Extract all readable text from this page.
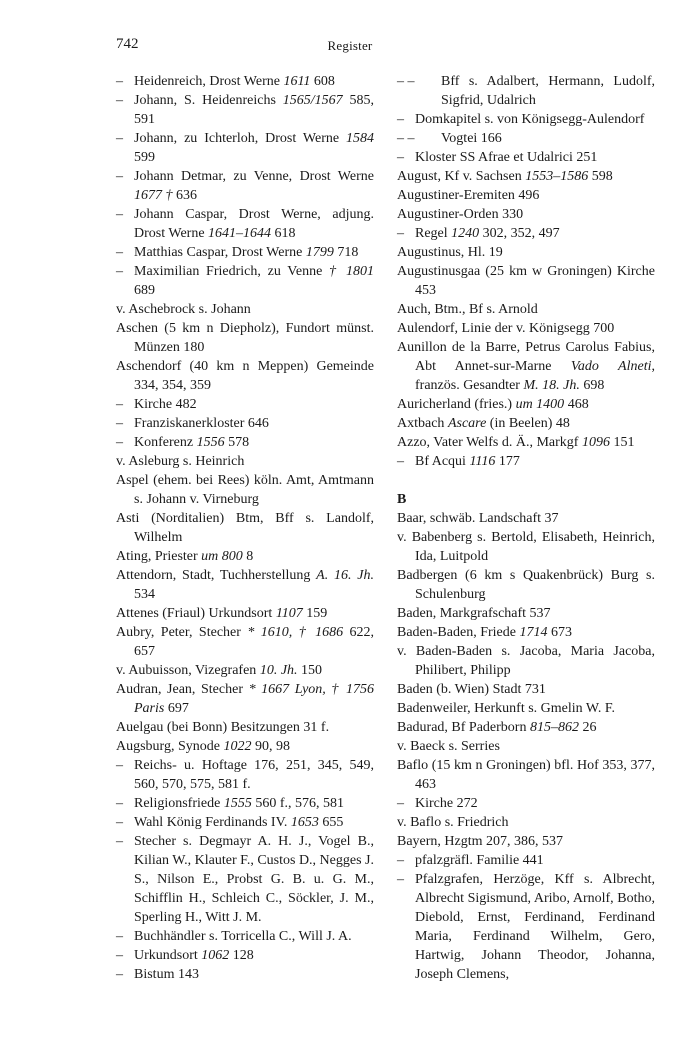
742	Register

– Heidenreich, Drost Werne 1611 608

– Johann, S. Heidenreichs 1565/1567 585, 591

– Johann, zu Ichterloh, Drost Werne 1584 599

– Johann Detmar, zu Venne, Drost Werne 1677 † 636

– Johann Caspar, Drost Werne, adjung. Drost Werne 1641–1644 618

– Matthias Caspar, Drost Werne 1799 718

– Maximilian Friedrich, zu Venne † 1801 689

v. Aschebrock s. Johann

Aschen (5 km n Diepholz), Fundort münst. Münzen 180

Aschendorf (40 km n Meppen) Gemeinde 334, 354, 359

– Kirche 482

– Franziskanerkloster 646

– Konferenz 1556 578

v. Asleburg s. Heinrich

Aspel (ehem. bei Rees) köln. Amt, Amtmann s. Johann v. Virneburg

Asti (Norditalien) Btm, Bff s. Landolf, Wilhelm

Ating, Priester um 800 8

Attendorn, Stadt, Tuchherstellung A. 16. Jh. 534

Attenes (Friaul) Urkundsort 1107 159

Aubry, Peter, Stecher * 1610, † 1686 622, 657

v. Aubuisson, Vizegrafen 10. Jh. 150

Audran, Jean, Stecher * 1667 Lyon, † 1756 Paris 697

Auelgau (bei Bonn) Besitzungen 31 f.

Augsburg, Synode 1022 90, 98

– Reichs- u. Hoftage 176, 251, 345, 549, 560, 570, 575, 581 f.

– Religionsfriede 1555 560 f., 576, 581

– Wahl König Ferdinands IV. 1653 655

– Stecher s. Degmayr A. H. J., Vogel B., Kilian W., Klauter F., Custos D., Negges J. S., Nilson E., Probst G. B. u. G. M., Schifflin H., Schleich C., Söckler, J. M., Sperling H., Witt J. M.

– Buchhändler s. Torricella C., Will J. A.

– Urkundsort 1062 128

– Bistum 143

– – Bff s. Adalbert, Hermann, Ludolf, Sigfrid, Udalrich

– Domkapitel s. von Königsegg-Aulendorf

– – Vogtei 166

– Kloster SS Afrae et Udalrici 251

August, Kf v. Sachsen 1553–1586 598

Augustiner-Eremiten 496

Augustiner-Orden 330

– Regel 1240 302, 352, 497

Augustinus, Hl. 19

Augustinusgaa (25 km w Groningen) Kirche 453

Auch, Btm., Bf s. Arnold

Aulendorf, Linie der v. Königsegg 700

Aunillon de la Barre, Petrus Carolus Fabius, Abt Annet-sur-Marne Vado Alneti, französ. Gesandter M. 18. Jh. 698

Auricherland (fries.) um 1400 468

Axtbach Ascare (in Beelen) 48

Azzo, Vater Welfs d. Ä., Markgf 1096 151

– Bf Acqui 1116 177

B

Baar, schwäb. Landschaft 37

v. Babenberg s. Bertold, Elisabeth, Heinrich, Ida, Luitpold

Badbergen (6 km s Quakenbrück) Burg s. Schulenburg

Baden, Markgrafschaft 537

Baden-Baden, Friede 1714 673

v. Baden-Baden s. Jacoba, Maria Jacoba, Philibert, Philipp

Baden (b. Wien) Stadt 731

Badenweiler, Herkunft s. Gmelin W. F.

Badurad, Bf Paderborn 815–862 26

v. Baeck s. Serries

Baflo (15 km n Groningen) bfl. Hof 353, 377, 463

– Kirche 272

v. Baflo s. Friedrich

Bayern, Hzgtm 207, 386, 537

– pfalzgräfl. Familie 441

– Pfalzgrafen, Herzöge, Kff s. Albrecht, Albrecht Sigismund, Aribo, Arnolf, Botho, Diebold, Ernst, Ferdinand, Ferdinand Maria, Ferdinand Wilhelm, Gero, Hartwig, Johann Theodor, Johanna, Joseph Clemens,
